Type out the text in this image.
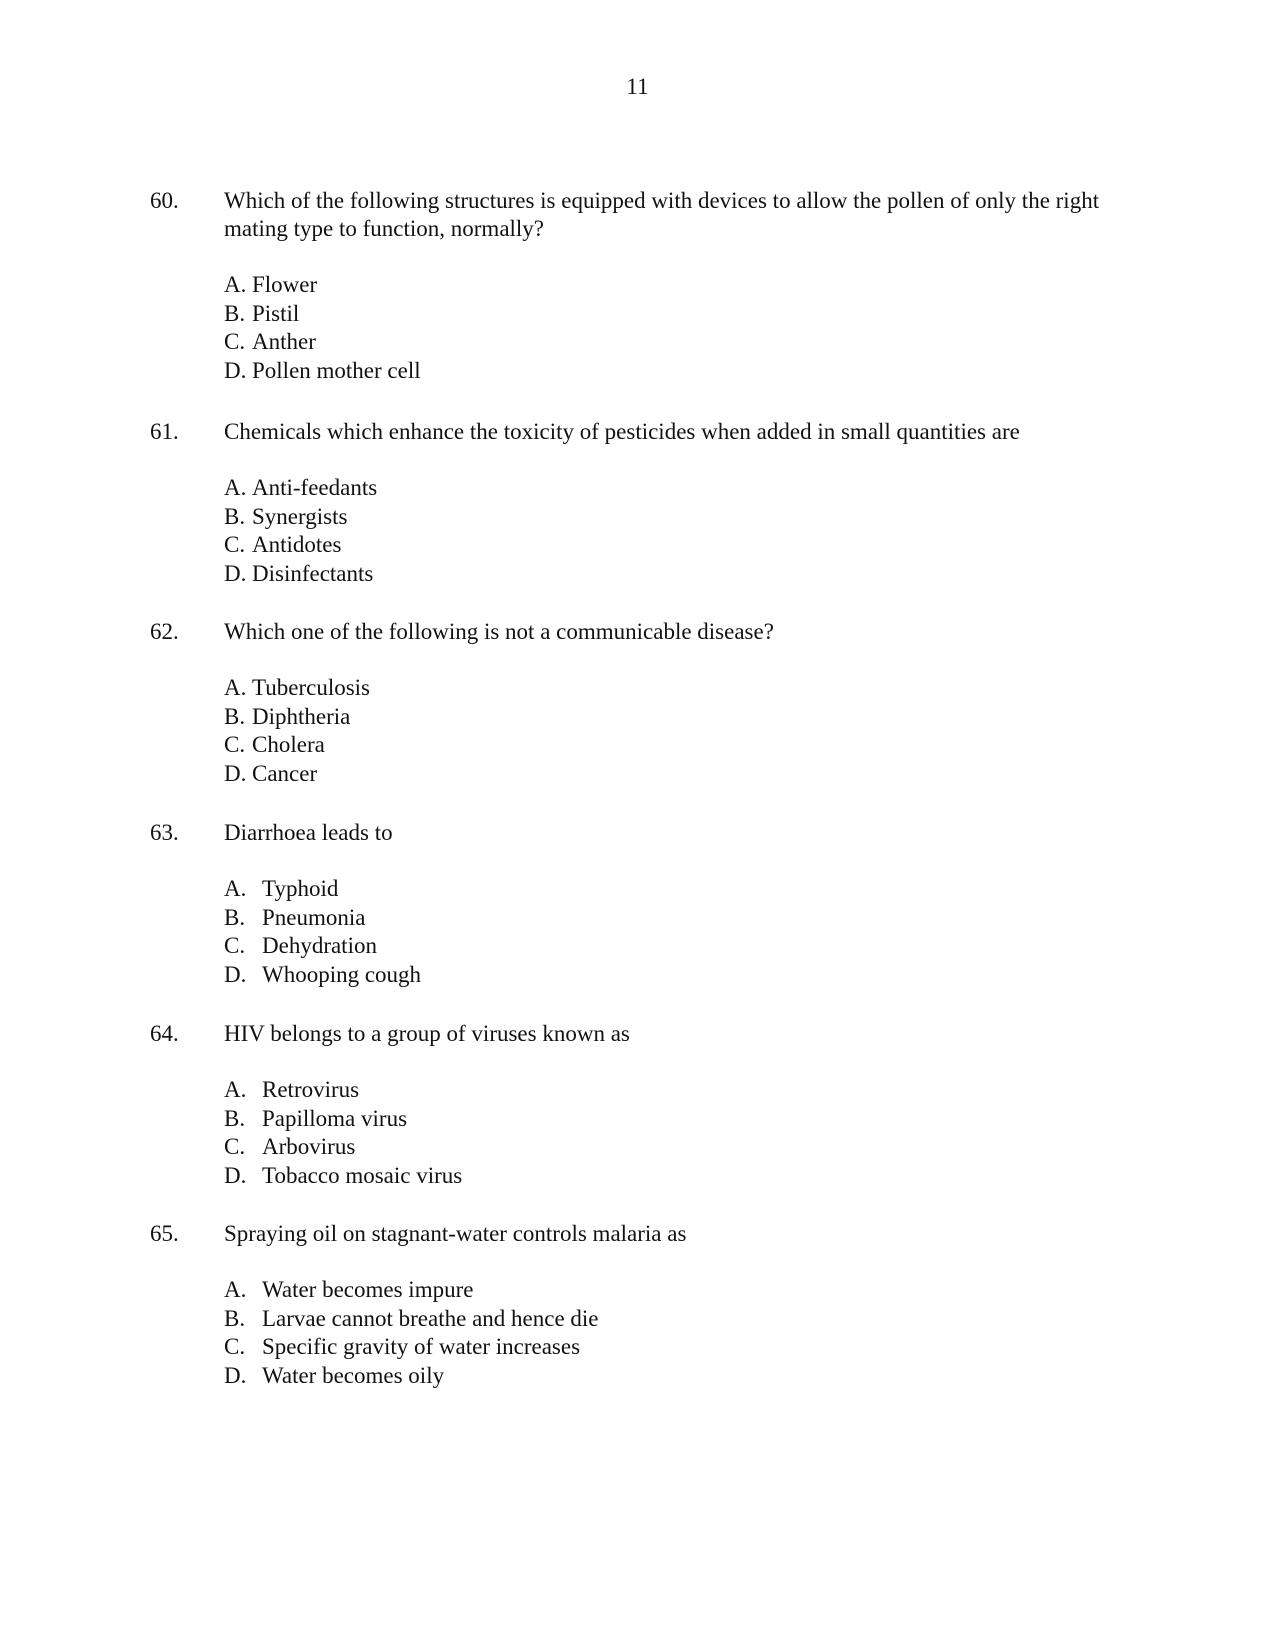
11
60. Which of the following structures is equipped with devices to allow the pollen of only the right mating type to function, normally?
A. Flower
B. Pistil
C. Anther
D. Pollen mother cell
61. Chemicals which enhance the toxicity of pesticides when added in small quantities are
A. Anti-feedants
B. Synergists
C. Antidotes
D. Disinfectants
62. Which one of the following is not a communicable disease?
A. Tuberculosis
B. Diphtheria
C. Cholera
D. Cancer
63. Diarrhoea leads to
A. Typhoid
B. Pneumonia
C. Dehydration
D. Whooping cough
64. HIV belongs to a group of viruses known as
A. Retrovirus
B. Papilloma virus
C. Arbovirus
D. Tobacco mosaic virus
65. Spraying oil on stagnant-water controls malaria as
A. Water becomes impure
B. Larvae cannot breathe and hence die
C. Specific gravity of water increases
D. Water becomes oily
